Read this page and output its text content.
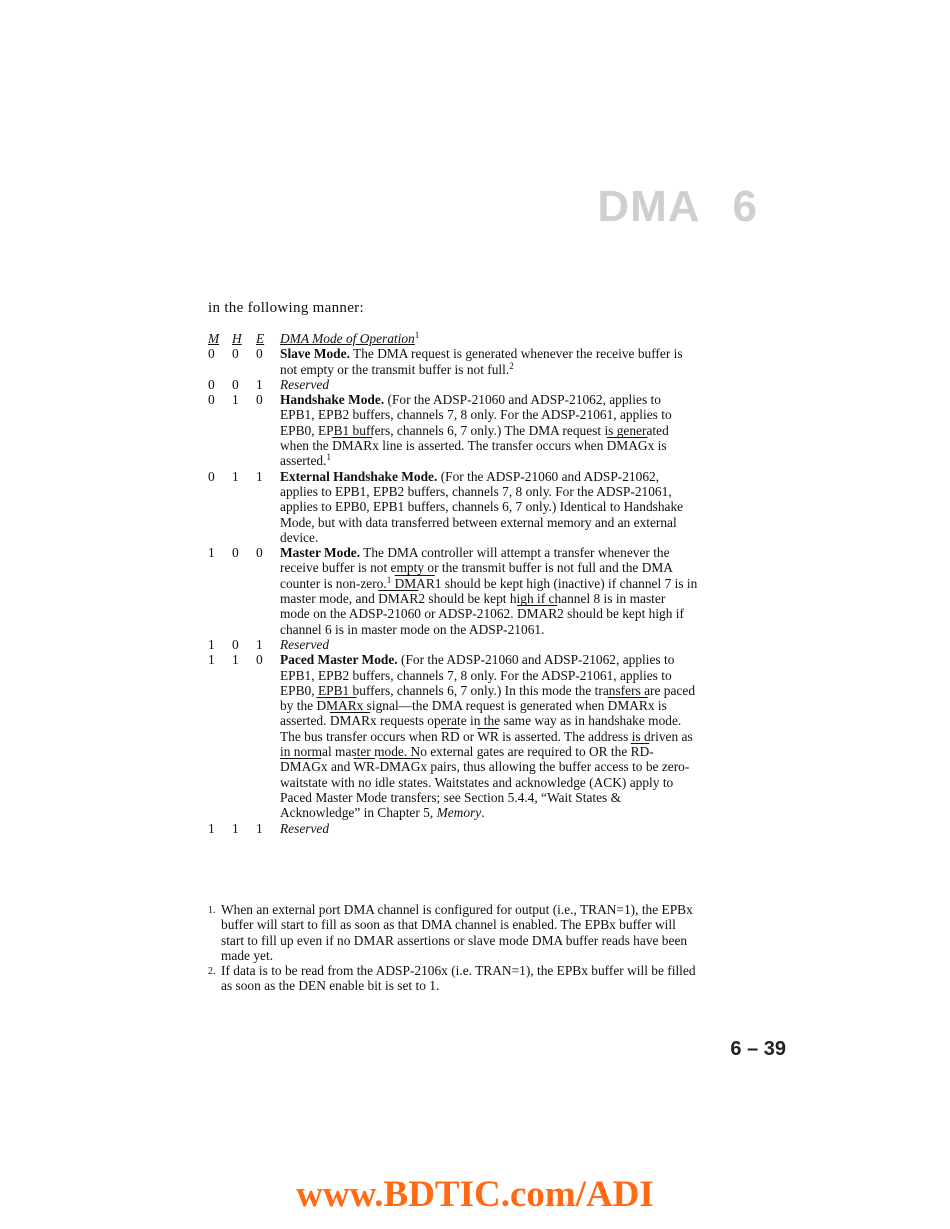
DMA 6
in the following manner:
M H	E	DMA Mode of Operation$^1$
0	0	0	Slave Mode. The DMA request is generated whenever the receive buffer is not empty or the transmit buffer is not full.$^2$
0	0	1	Reserved
0	1	0	Handshake Mode. (For the ADSP-21060 and ADSP-21062, applies to EPB1, EPB2 buffers, channels 7, 8 only. For the ADSP-21061, applies to EPB0, EPB1 buffers, channels 6, 7 only.) The DMA request is generated when the DMARx line is asserted. The transfer occurs when DMAGx is asserted.$^1$
0	1	1	External Handshake Mode. (For the ADSP-21060 and ADSP-21062, applies to EPB1, EPB2 buffers, channels 7, 8 only. For the ADSP-21061, applies to EPB0, EPB1 buffers, channels 6, 7 only.) Identical to Handshake Mode, but with data transferred between external memory and an external device.
1	0	0	Master Mode. The DMA controller will attempt a transfer whenever the receive buffer is not empty or the transmit buffer is not full and the DMA counter is non-zero.$^1$ DMAR1 should be kept high (inactive) if channel 7 is in master mode, and DMAR2 should be kept high if channel 8 is in master mode on the ADSP-21060 or ADSP-21062. DMAR2 should be kept high if channel 6 is in master mode on the ADSP-21061.
1	0	1	Reserved
1	1	0	Paced Master Mode. (For the ADSP-21060 and ADSP-21062, applies to EPB1, EPB2 buffers, channels 7, 8 only. For the ADSP-21061, applies to EPB0, EPB1 buffers, channels 6, 7 only.) In this mode the transfers are paced by the DMARx signal—the DMA request is generated when DMARx is asserted. DMARx requests operate in the same way as in handshake mode. The bus transfer occurs when $\overline{RD}$ or $\overline{WR}$ is asserted. The address is driven as in normal master mode. No external gates are required to OR the $\overline{RD}$-DMAGx and $\overline{WR}$-DMAGx pairs, thus allowing the buffer access to be zero-waitstate with no idle states. Waitstates and acknowledge (ACK) apply to Paced Master Mode transfers; see Section 5.4.4, “Wait States & Acknowledge” in Chapter 5, Memory.
1	1	1	Reserved
1. When an external port DMA channel is configured for output (i.e., TRAN=1), the EPBx buffer will start to fill as soon as that DMA channel is enabled. The EPBx buffer will start to fill up even if no DMAR assertions or slave mode DMA buffer reads have been made yet.
2. If data is to be read from the ADSP-2106x (i.e. TRAN=1), the EPBx buffer will be filled as soon as the DEN enable bit is set to 1.
6 – 39
www.BDTIC.com/ADI
